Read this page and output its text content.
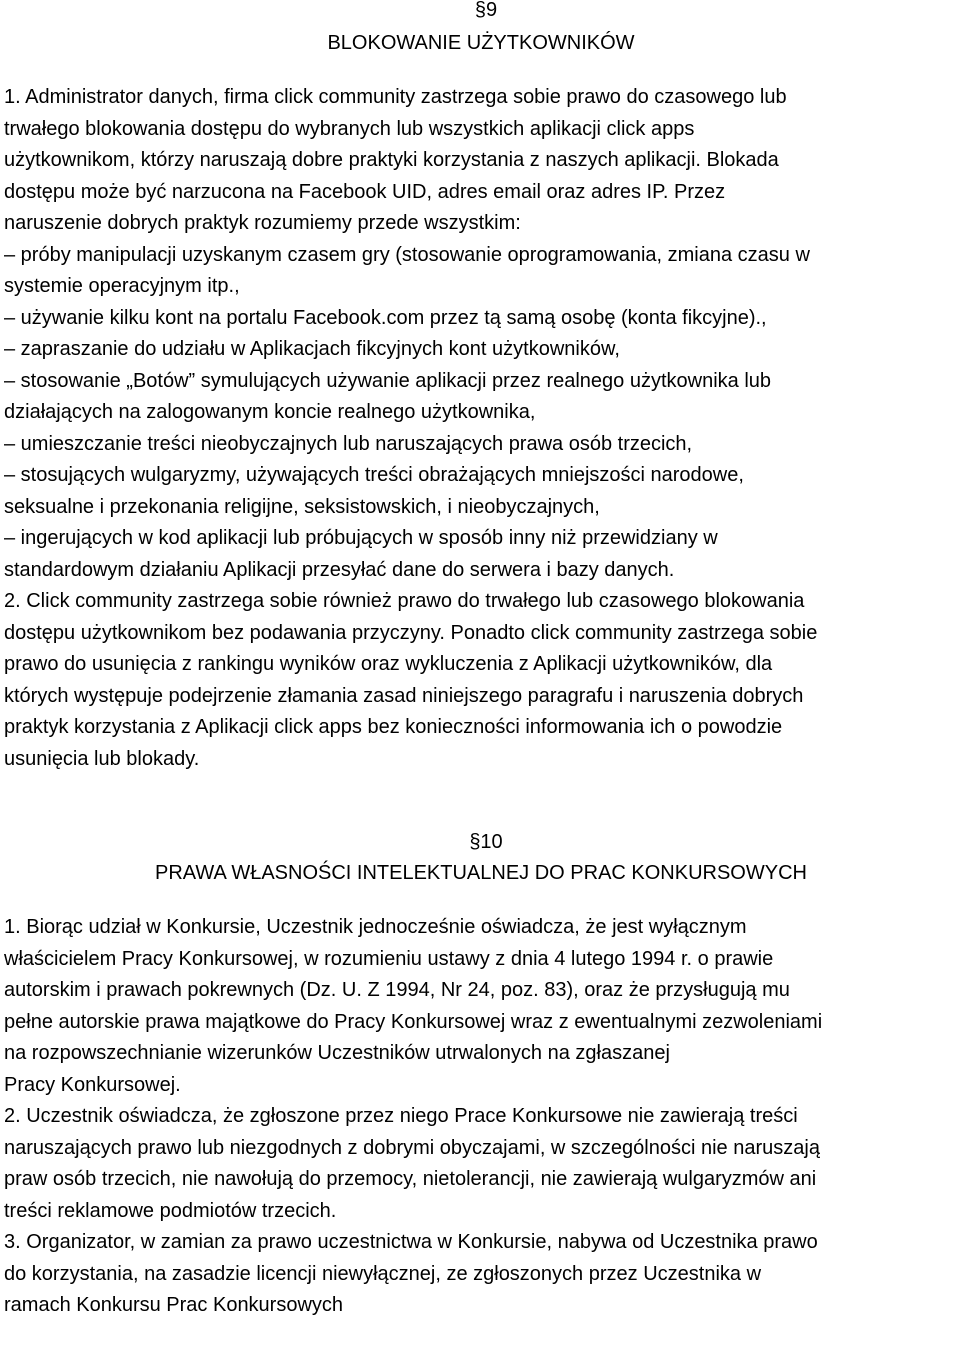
§9
BLOKOWANIE UŻYTKOWNIKÓW

1. Administrator danych, firma click community zastrzega sobie prawo do czasowego lub
trwałego blokowania dostępu do wybranych lub wszystkich aplikacji click apps
użytkownikom, którzy naruszają dobre praktyki korzystania z naszych aplikacji. Blokada
dostępu może być narzucona na Facebook UID, adres email oraz adres IP. Przez
naruszenie dobrych praktyk rozumiemy przede wszystkim:

– próby manipulacji uzyskanym czasem gry (stosowanie oprogramowania, zmiana czasu w
systemie operacyjnym itp.,

– używanie kilku kont na portalu Facebook.com przez tą samą osobę (konta fikcyjne).,

– zapraszanie do udziału w Aplikacjach fikcyjnych kont użytkowników,

– stosowanie „Botów” symulujących używanie aplikacji przez realnego użytkownika lub
działających na zalogowanym koncie realnego użytkownika,

– umieszczanie treści nieobyczajnych lub naruszających prawa osób trzecich,

– stosujących wulgaryzmy, używających treści obrażających mniejszości narodowe,
seksualne i przekonania religijne, seksistowskich, i nieobyczajnych,

– ingerujących w kod aplikacji lub próbujących w sposób inny niż przewidziany w
standardowym działaniu Aplikacji przesyłać dane do serwera i bazy danych.

2. Click community zastrzega sobie również prawo do trwałego lub czasowego blokowania
dostępu użytkownikom bez podawania przyczyny. Ponadto click community zastrzega sobie
prawo do usunięcia z rankingu wyników oraz wykluczenia z Aplikacji użytkowników, dla
których występuje podejrzenie złamania zasad niniejszego paragrafu i naruszenia dobrych
praktyk korzystania z Aplikacji click apps bez konieczności informowania ich o powodzie
usunięcia lub blokady.

§10
PRAWA WŁASNOŚCI INTELEKTUALNEJ DO PRAC KONKURSOWYCH

1. Biorąc udział w Konkursie, Uczestnik jednocześnie oświadcza, że jest wyłącznym
właścicielem Pracy Konkursowej, w rozumieniu ustawy z dnia 4 lutego 1994 r. o prawie
autorskim i prawach pokrewnych (Dz. U. Z 1994, Nr 24, poz. 83), oraz że przysługują mu
pełne autorskie prawa majątkowe do Pracy Konkursowej wraz z ewentualnymi zezwoleniami
na rozpowszechnianie wizerunków Uczestników utrwalonych na zgłaszanej
Pracy Konkursowej.

2. Uczestnik oświadcza, że zgłoszone przez niego Prace Konkursowe nie zawierają treści
naruszających prawo lub niezgodnych z dobrymi obyczajami, w szczególności nie naruszają
praw osób trzecich, nie nawołują do przemocy, nietolerancji, nie zawierają wulgaryzmów ani
treści reklamowe podmiotów trzecich.

3. Organizator, w zamian za prawo uczestnictwa w Konkursie, nabywa od Uczestnika prawo
do korzystania, na zasadzie licencji niewyłącznej, ze zgłoszonych przez Uczestnika w
ramach Konkursu Prac Konkursowych
